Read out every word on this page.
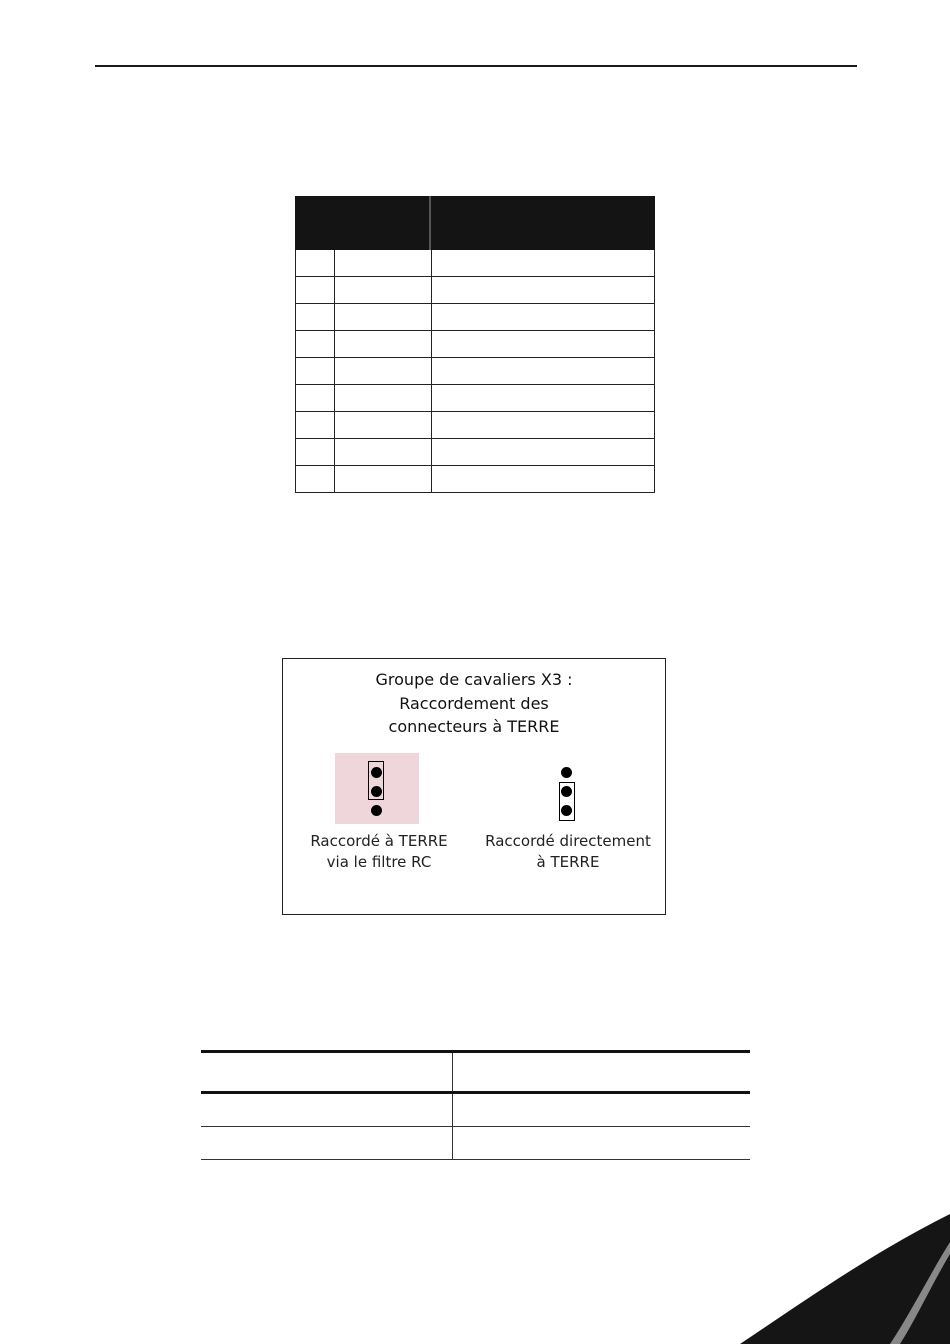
Groupe de cavaliers X3 :
Raccordement des
connecteurs à TERRE
Raccordé à TERRE
via le filtre RC
Raccordé directement
à TERRE
